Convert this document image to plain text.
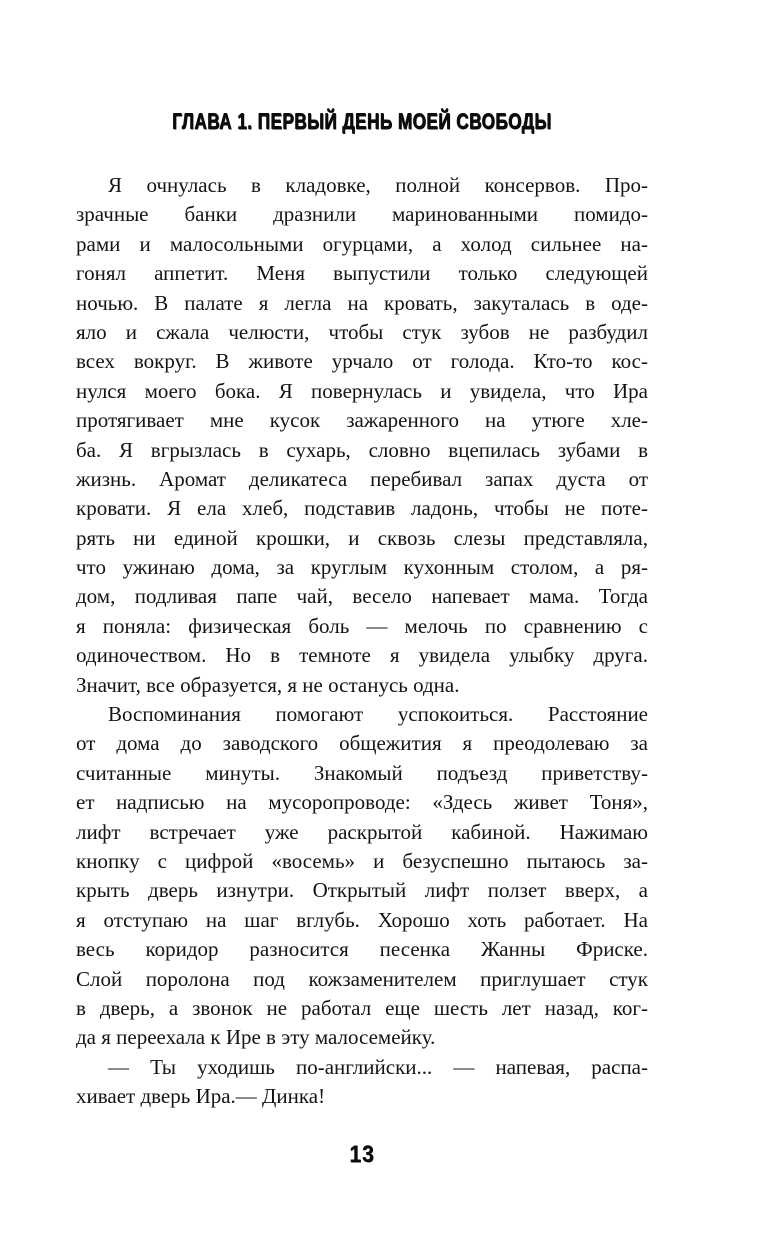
ГЛАВА 1. ПЕРВЫЙ ДЕНЬ МОЕЙ СВОБОДЫ
Я очнулась в кладовке, полной консервов. Про-
зрачные банки дразнили маринованными помидо-
рами и малосольными огурцами, а холод сильнее на-
гонял аппетит. Меня выпустили только следующей
ночью. В палате я легла на кровать, закуталась в оде-
яло и сжала челюсти, чтобы стук зубов не разбудил
всех вокруг. В животе урчало от голода. Кто-то кос-
нулся моего бока. Я повернулась и увидела, что Ира
протягивает мне кусок зажаренного на утюге хле-
ба. Я вгрызлась в сухарь, словно вцепилась зубами в
жизнь. Аромат деликатеса перебивал запах дуста от
кровати. Я ела хлеб, подставив ладонь, чтобы не поте-
рять ни единой крошки, и сквозь слезы представляла,
что ужинаю дома, за круглым кухонным столом, а ря-
дом, подливая папе чай, весело напевает мама. Тогда
я поняла: физическая боль — мелочь по сравнению с
одиночеством. Но в темноте я увидела улыбку друга.
Значит, все образуется, я не останусь одна.
Воспоминания помогают успокоиться. Расстояние
от дома до заводского общежития я преодолеваю за
считанные минуты. Знакомый подъезд приветству-
ет надписью на мусоропроводе: «Здесь живет Тоня»,
лифт встречает уже раскрытой кабиной. Нажимаю
кнопку с цифрой «восемь» и безуспешно пытаюсь за-
крыть дверь изнутри. Открытый лифт ползет вверх, а
я отступаю на шаг вглубь. Хорошо хоть работает. На
весь коридор разносится песенка Жанны Фриске.
Слой поролона под кожзаменителем приглушает стук
в дверь, а звонок не работал еще шесть лет назад, ког-
да я переехала к Ире в эту малосемейку.
— Ты уходишь по-английски... — напевая, распа-
хивает дверь Ира.— Динка!
13
